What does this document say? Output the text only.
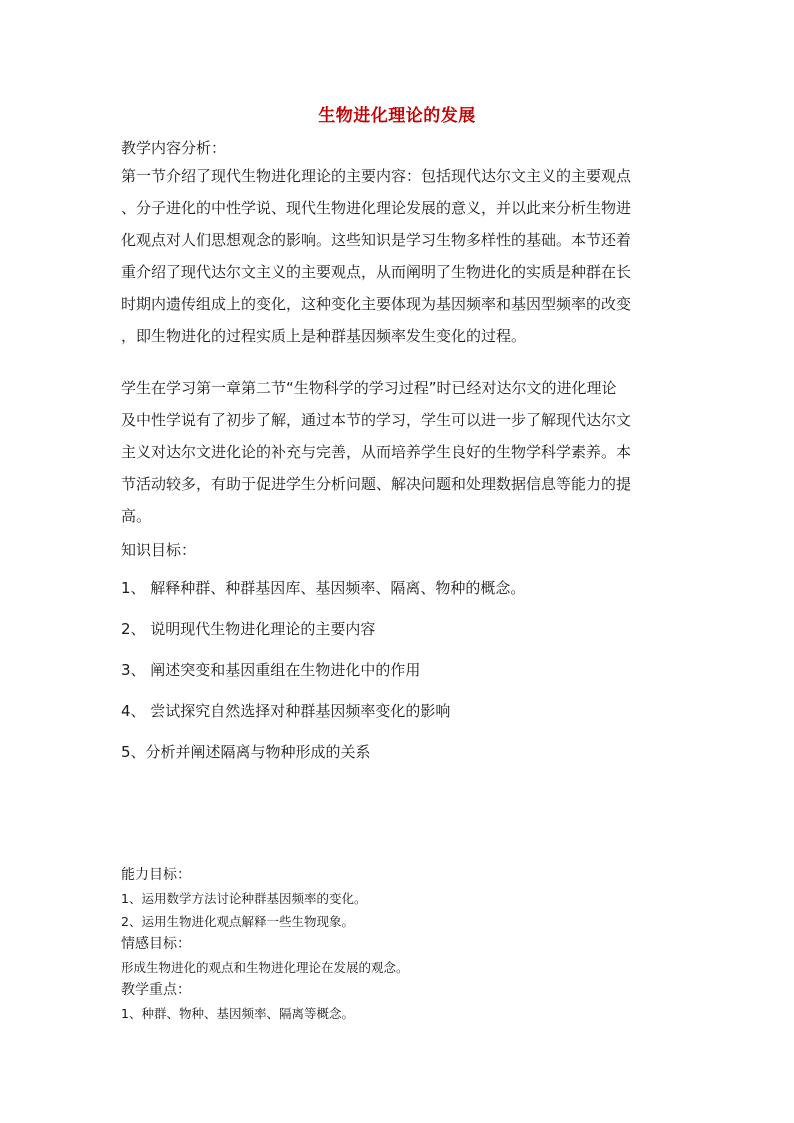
生物进化理论的发展

教学内容分析：

第一节介绍了现代生物进化理论的主要内容：包括现代达尔文主义的主要观点

、分子进化的中性学说、现代生物进化理论发展的意义，并以此来分析生物进

化观点对人们思想观念的影响。这些知识是学习生物多样性的基础。本节还着

重介绍了现代达尔文主义的主要观点，从而阐明了生物进化的实质是种群在长

时期内遗传组成上的变化，这种变化主要体现为基因频率和基因型频率的改变

，即生物进化的过程实质上是种群基因频率发生变化的过程。

学生在学习第一章第二节“生物科学的学习过程”时已经对达尔文的进化理论

及中性学说有了初步了解，通过本节的学习，学生可以进一步了解现代达尔文

主义对达尔文进化论的补充与完善，从而培养学生良好的生物学科学素养。本

节活动较多，有助于促进学生分析问题、解决问题和处理数据信息等能力的提

高。

知识目标：

1、 解释种群、种群基因库、基因频率、隔离、物种的概念。

2、 说明现代生物进化理论的主要内容

3、 阐述突变和基因重组在生物进化中的作用

4、 尝试探究自然选择对种群基因频率变化的影响

5、分析并阐述隔离与物种形成的关系

能力目标：

1、运用数学方法讨论种群基因频率的变化。

2、运用生物进化观点解释一些生物现象。

情感目标：

形成生物进化的观点和生物进化理论在发展的观念。

教学重点：

1、种群、物种、基因频率、隔离等概念。
